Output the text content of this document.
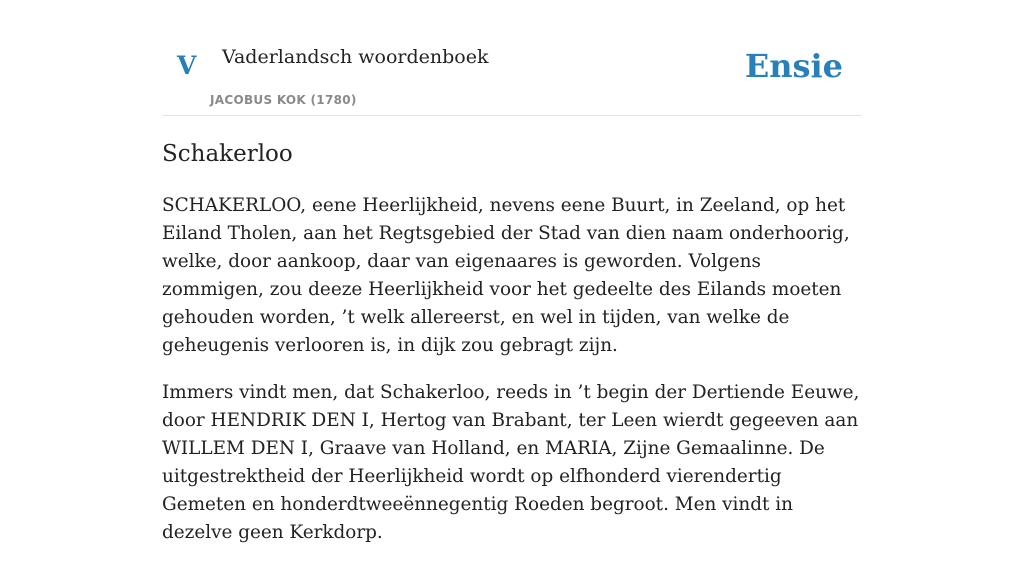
V Vaderlandsch woordenboek
JACOBUS KOK (1780)
Ensie
Schakerloo

SCHAKERLOO, eene Heerlijkheid, nevens eene Buurt, in Zeeland, op het Eiland Tholen, aan het Regtsgebied der Stad van dien naam onderhoorig, welke, door aankoop, daar van eigenaares is geworden. Volgens zommigen, zou deeze Heerlijkheid voor het gedeelte des Eilands moeten gehouden worden, ’t welk allereerst, en wel in tijden, van welke de geheugenis verlooren is, in dijk zou gebragt zijn.

Immers vindt men, dat Schakerloo, reeds in ’t begin der Dertiende Eeuwe, door HENDRIK DEN I, Hertog van Brabant, ter Leen wierdt gegeeven aan WILLEM DEN I, Graave van Holland, en MARIA, Zijne Gemaalinne. De uitgestrektheid der Heerlijkheid wordt op elfhonderd vierendertig Gemeten en honderdtweeënnegentig Roeden begroot. Men vindt in dezelve geen Kerkdorp.
